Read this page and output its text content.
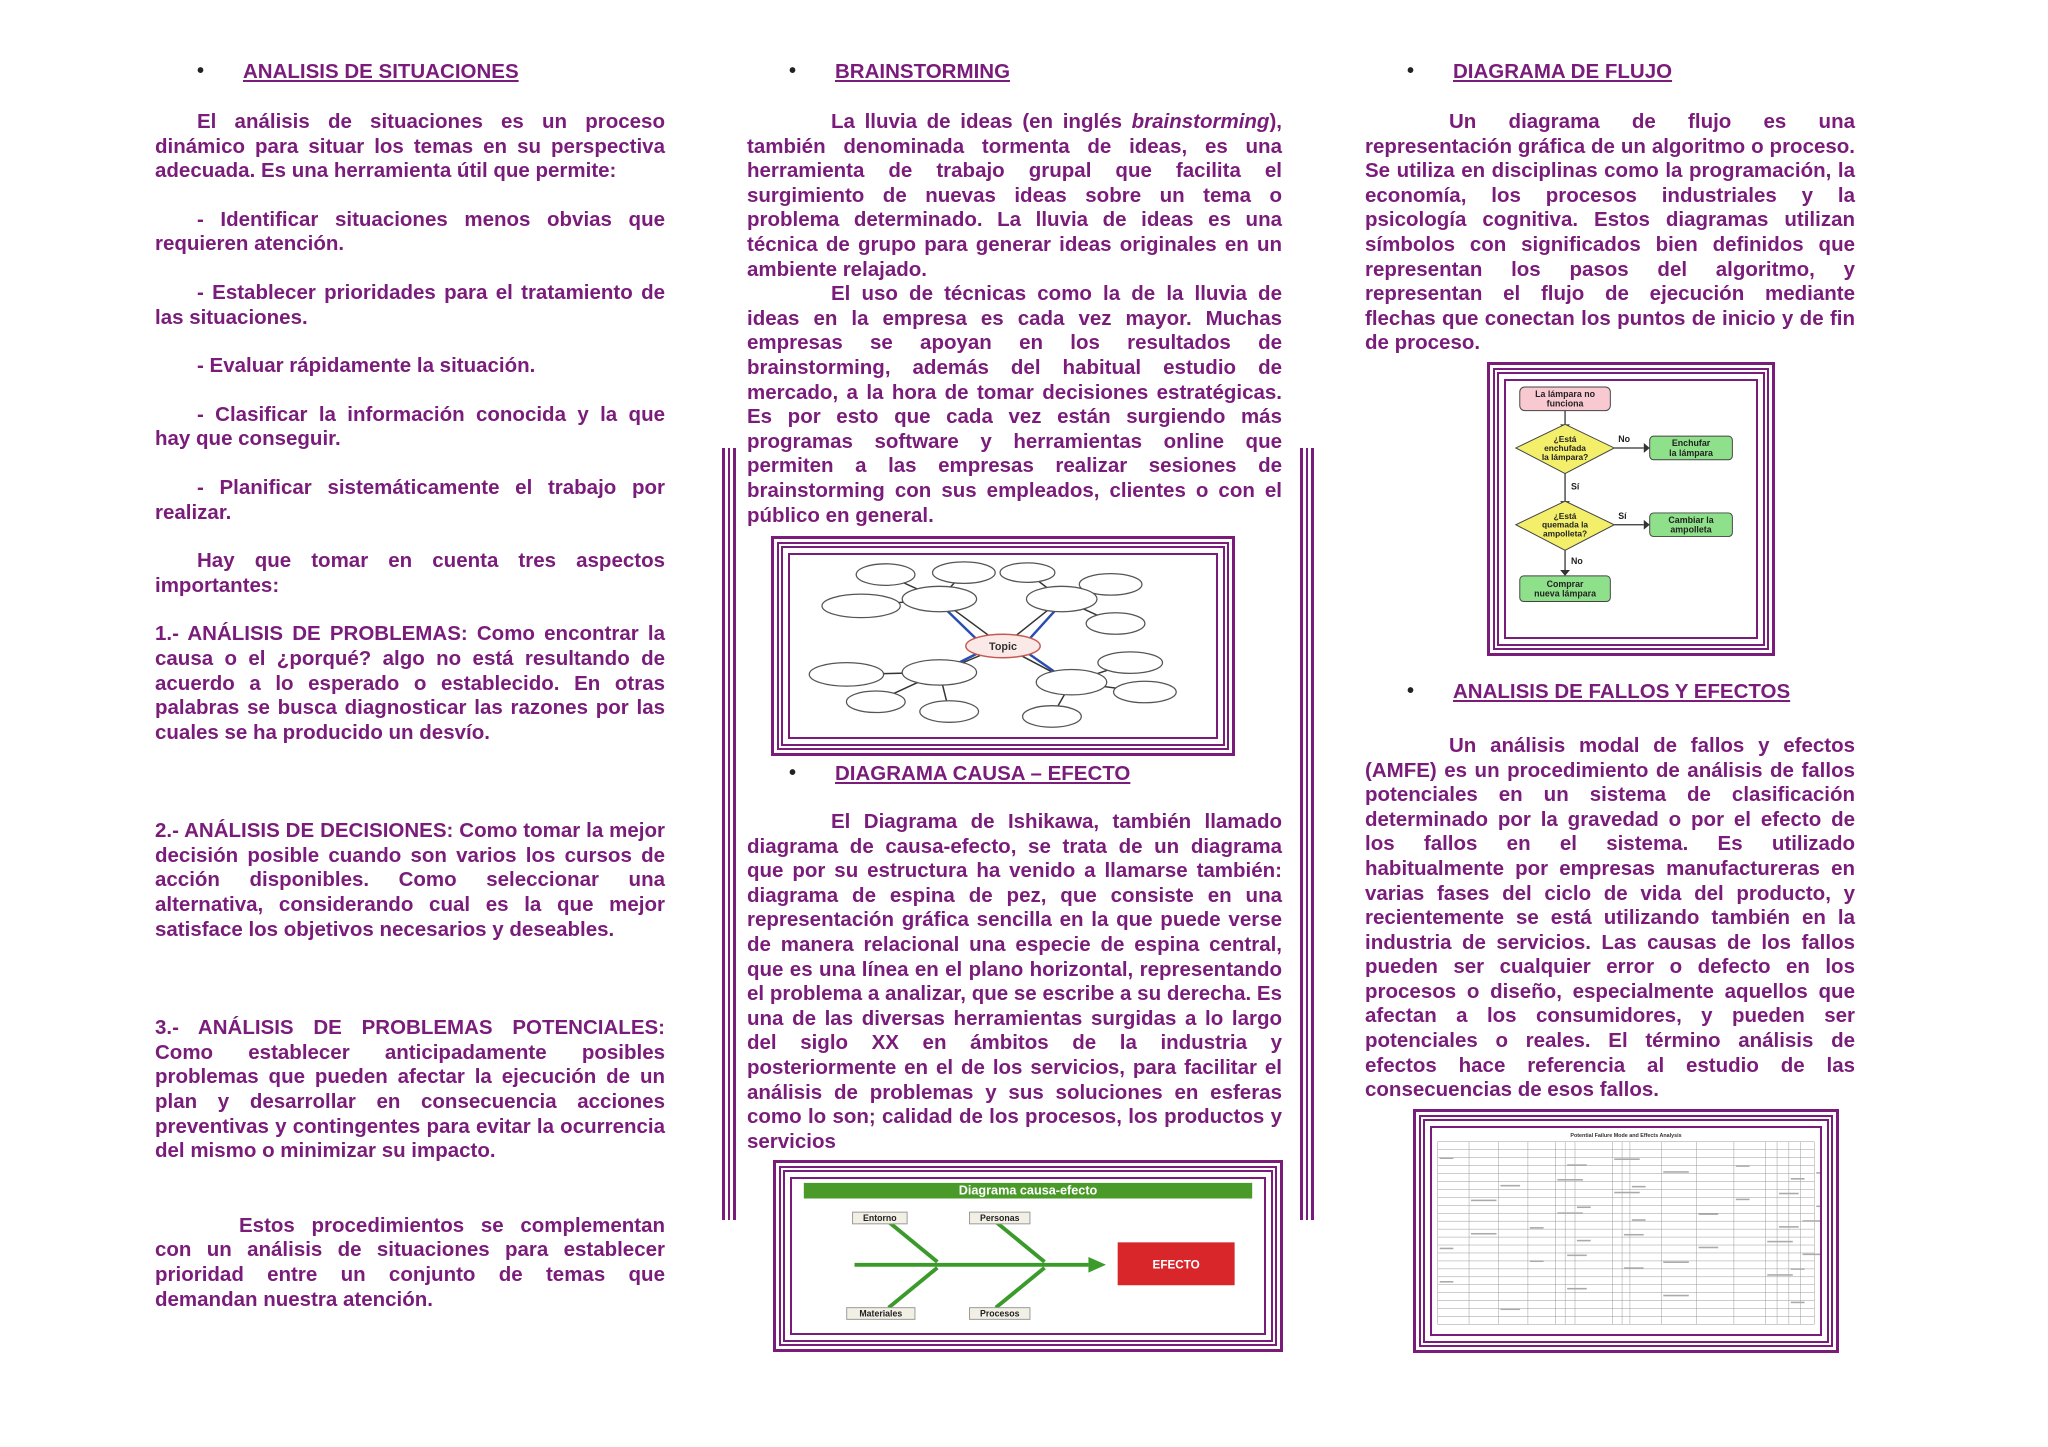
• ANALISIS DE SITUACIONES

El análisis de situaciones es un proceso dinámico para situar los temas en su perspectiva adecuada. Es una herramienta útil que permite:

- Identificar situaciones menos obvias que requieren atención.

- Establecer prioridades para el tratamiento de las situaciones.

- Evaluar rápidamente la situación.

- Clasificar la información conocida y la que hay que conseguir.

- Planificar sistemáticamente el trabajo por realizar.

Hay que tomar en cuenta tres aspectos importantes:

1.- ANÁLISIS DE PROBLEMAS: Como encontrar la causa o el ¿porqué? algo no está resultando de acuerdo a lo esperado o establecido. En otras palabras se busca diagnosticar las razones por las cuales se ha producido un desvío.

2.- ANÁLISIS DE DECISIONES: Como tomar la mejor decisión posible cuando son varios los cursos de acción disponibles. Como seleccionar una alternativa, considerando cual es la que mejor satisface los objetivos necesarios y deseables.

3.- ANÁLISIS DE PROBLEMAS POTENCIALES: Como establecer anticipadamente posibles problemas que pueden afectar la ejecución de un plan y desarrollar en consecuencia acciones preventivas y contingentes para evitar la ocurrencia del mismo o minimizar su impacto.

Estos procedimientos se complementan con un análisis de situaciones para establecer prioridad entre un conjunto de temas que demandan nuestra atención.

• BRAINSTORMING

La lluvia de ideas (en inglés brainstorming), también denominada tormenta de ideas, es una herramienta de trabajo grupal que facilita el surgimiento de nuevas ideas sobre un tema o problema determinado. La lluvia de ideas es una técnica de grupo para generar ideas originales en un ambiente relajado.

El uso de técnicas como la de la lluvia de ideas en la empresa es cada vez mayor. Muchas empresas se apoyan en los resultados de brainstorming, además del habitual estudio de mercado, a la hora de tomar decisiones estratégicas. Es por esto que cada vez están surgiendo más programas software y herramientas online que permiten a las empresas realizar sesiones de brainstorming con sus empleados, clientes o con el público en general.

Topic
• DIAGRAMA CAUSA – EFECTO

El Diagrama de Ishikawa, también llamado diagrama de causa-efecto, se trata de un diagrama que por su estructura ha venido a llamarse también: diagrama de espina de pez, que consiste en una representación gráfica sencilla en la que puede verse de manera relacional una especie de espina central, que es una línea en el plano horizontal, representando el problema a analizar, que se escribe a su derecha. Es una de las diversas herramientas surgidas a lo largo del siglo XX en ámbitos de la industria y posteriormente en el de los servicios, para facilitar el análisis de problemas y sus soluciones en esferas como lo son; calidad de los procesos, los productos y servicios

Diagrama causa-efecto
Entorno	Personas
Materiales	Procesos
EFECTO
• DIAGRAMA DE FLUJO

Un diagrama de flujo es una representación gráfica de un algoritmo o proceso. Se utiliza en disciplinas como la programación, la economía, los procesos industriales y la psicología cognitiva. Estos diagramas utilizan símbolos con significados bien definidos que representan los pasos del algoritmo, y representan el flujo de ejecución mediante flechas que conectan los puntos de inicio y de fin de proceso.

La lámpara no
funciona
¿Está
enchufada
la lámpara?
No	Enchufar
la lámpara
Sí
¿Está
quemada la
ampolleta?
Sí	Cambiar la
ampolleta
No
Comprar
nueva lámpara
• ANALISIS DE FALLOS Y EFECTOS

Un análisis modal de fallos y efectos (AMFE) es un procedimiento de análisis de fallos potenciales en un sistema de clasificación determinado por la gravedad o por el efecto de los fallos en el sistema. Es utilizado habitualmente por empresas manufactureras en varias fases del ciclo de vida del producto, y recientemente se está utilizando también en la industria de servicios. Las causas de los fallos pueden ser cualquier error o defecto en los procesos o diseño, especialmente aquellos que afectan a los consumidores, y pueden ser potenciales o reales. El término análisis de efectos hace referencia al estudio de las consecuencias de esos fallos.

Potential Failure Mode and Effects Analysis
